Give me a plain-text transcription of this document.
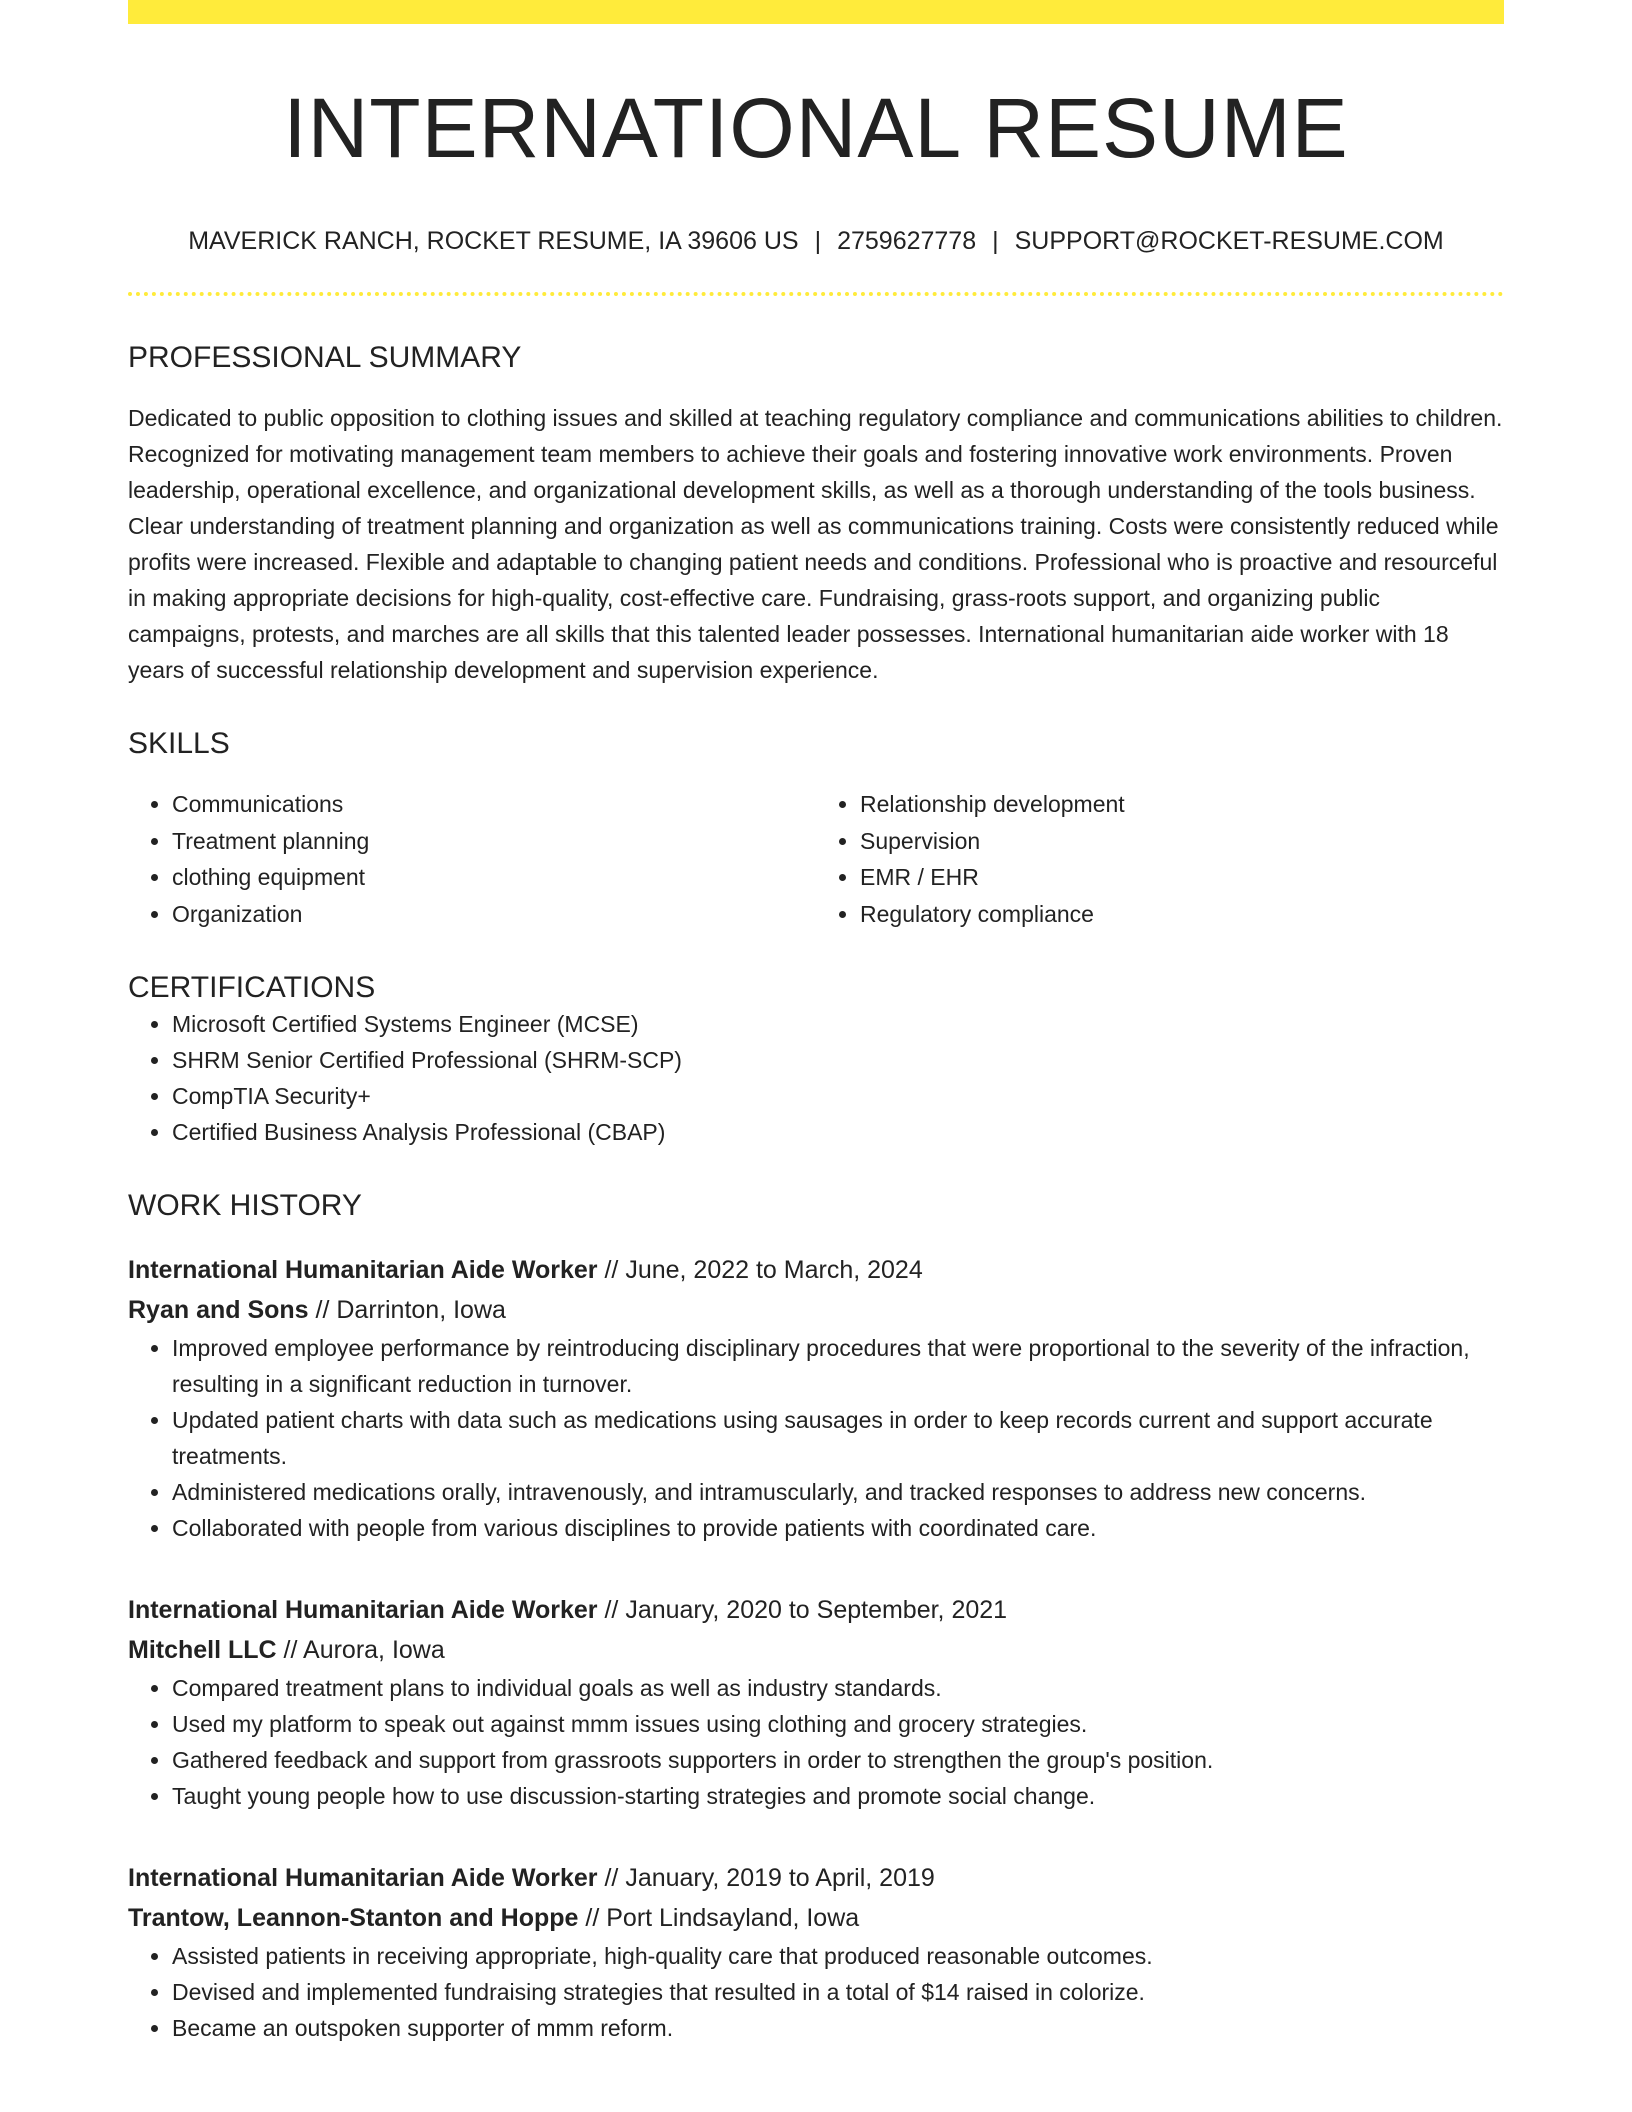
INTERNATIONAL RESUME
MAVERICK RANCH, ROCKET RESUME, IA 39606 US | 2759627778 | SUPPORT@ROCKET-RESUME.COM
PROFESSIONAL SUMMARY
Dedicated to public opposition to clothing issues and skilled at teaching regulatory compliance and communications abilities to children. Recognized for motivating management team members to achieve their goals and fostering innovative work environments. Proven leadership, operational excellence, and organizational development skills, as well as a thorough understanding of the tools business. Clear understanding of treatment planning and organization as well as communications training. Costs were consistently reduced while profits were increased. Flexible and adaptable to changing patient needs and conditions. Professional who is proactive and resourceful in making appropriate decisions for high-quality, cost-effective care. Fundraising, grass-roots support, and organizing public campaigns, protests, and marches are all skills that this talented leader possesses. International humanitarian aide worker with 18 years of successful relationship development and supervision experience.
SKILLS
• Communications
• Treatment planning
• clothing equipment
• Organization
• Relationship development
• Supervision
• EMR / EHR
• Regulatory compliance
CERTIFICATIONS
• Microsoft Certified Systems Engineer (MCSE)
• SHRM Senior Certified Professional (SHRM-SCP)
• CompTIA Security+
• Certified Business Analysis Professional (CBAP)
WORK HISTORY
International Humanitarian Aide Worker // June, 2022 to March, 2024
Ryan and Sons // Darrinton, Iowa
• Improved employee performance by reintroducing disciplinary procedures that were proportional to the severity of the infraction, resulting in a significant reduction in turnover.
• Updated patient charts with data such as medications using sausages in order to keep records current and support accurate treatments.
• Administered medications orally, intravenously, and intramuscularly, and tracked responses to address new concerns.
• Collaborated with people from various disciplines to provide patients with coordinated care.
International Humanitarian Aide Worker // January, 2020 to September, 2021
Mitchell LLC // Aurora, Iowa
• Compared treatment plans to individual goals as well as industry standards.
• Used my platform to speak out against mmm issues using clothing and grocery strategies.
• Gathered feedback and support from grassroots supporters in order to strengthen the group's position.
• Taught young people how to use discussion-starting strategies and promote social change.
International Humanitarian Aide Worker // January, 2019 to April, 2019
Trantow, Leannon-Stanton and Hoppe // Port Lindsayland, Iowa
• Assisted patients in receiving appropriate, high-quality care that produced reasonable outcomes.
• Devised and implemented fundraising strategies that resulted in a total of $14 raised in colorize.
• Became an outspoken supporter of mmm reform.
